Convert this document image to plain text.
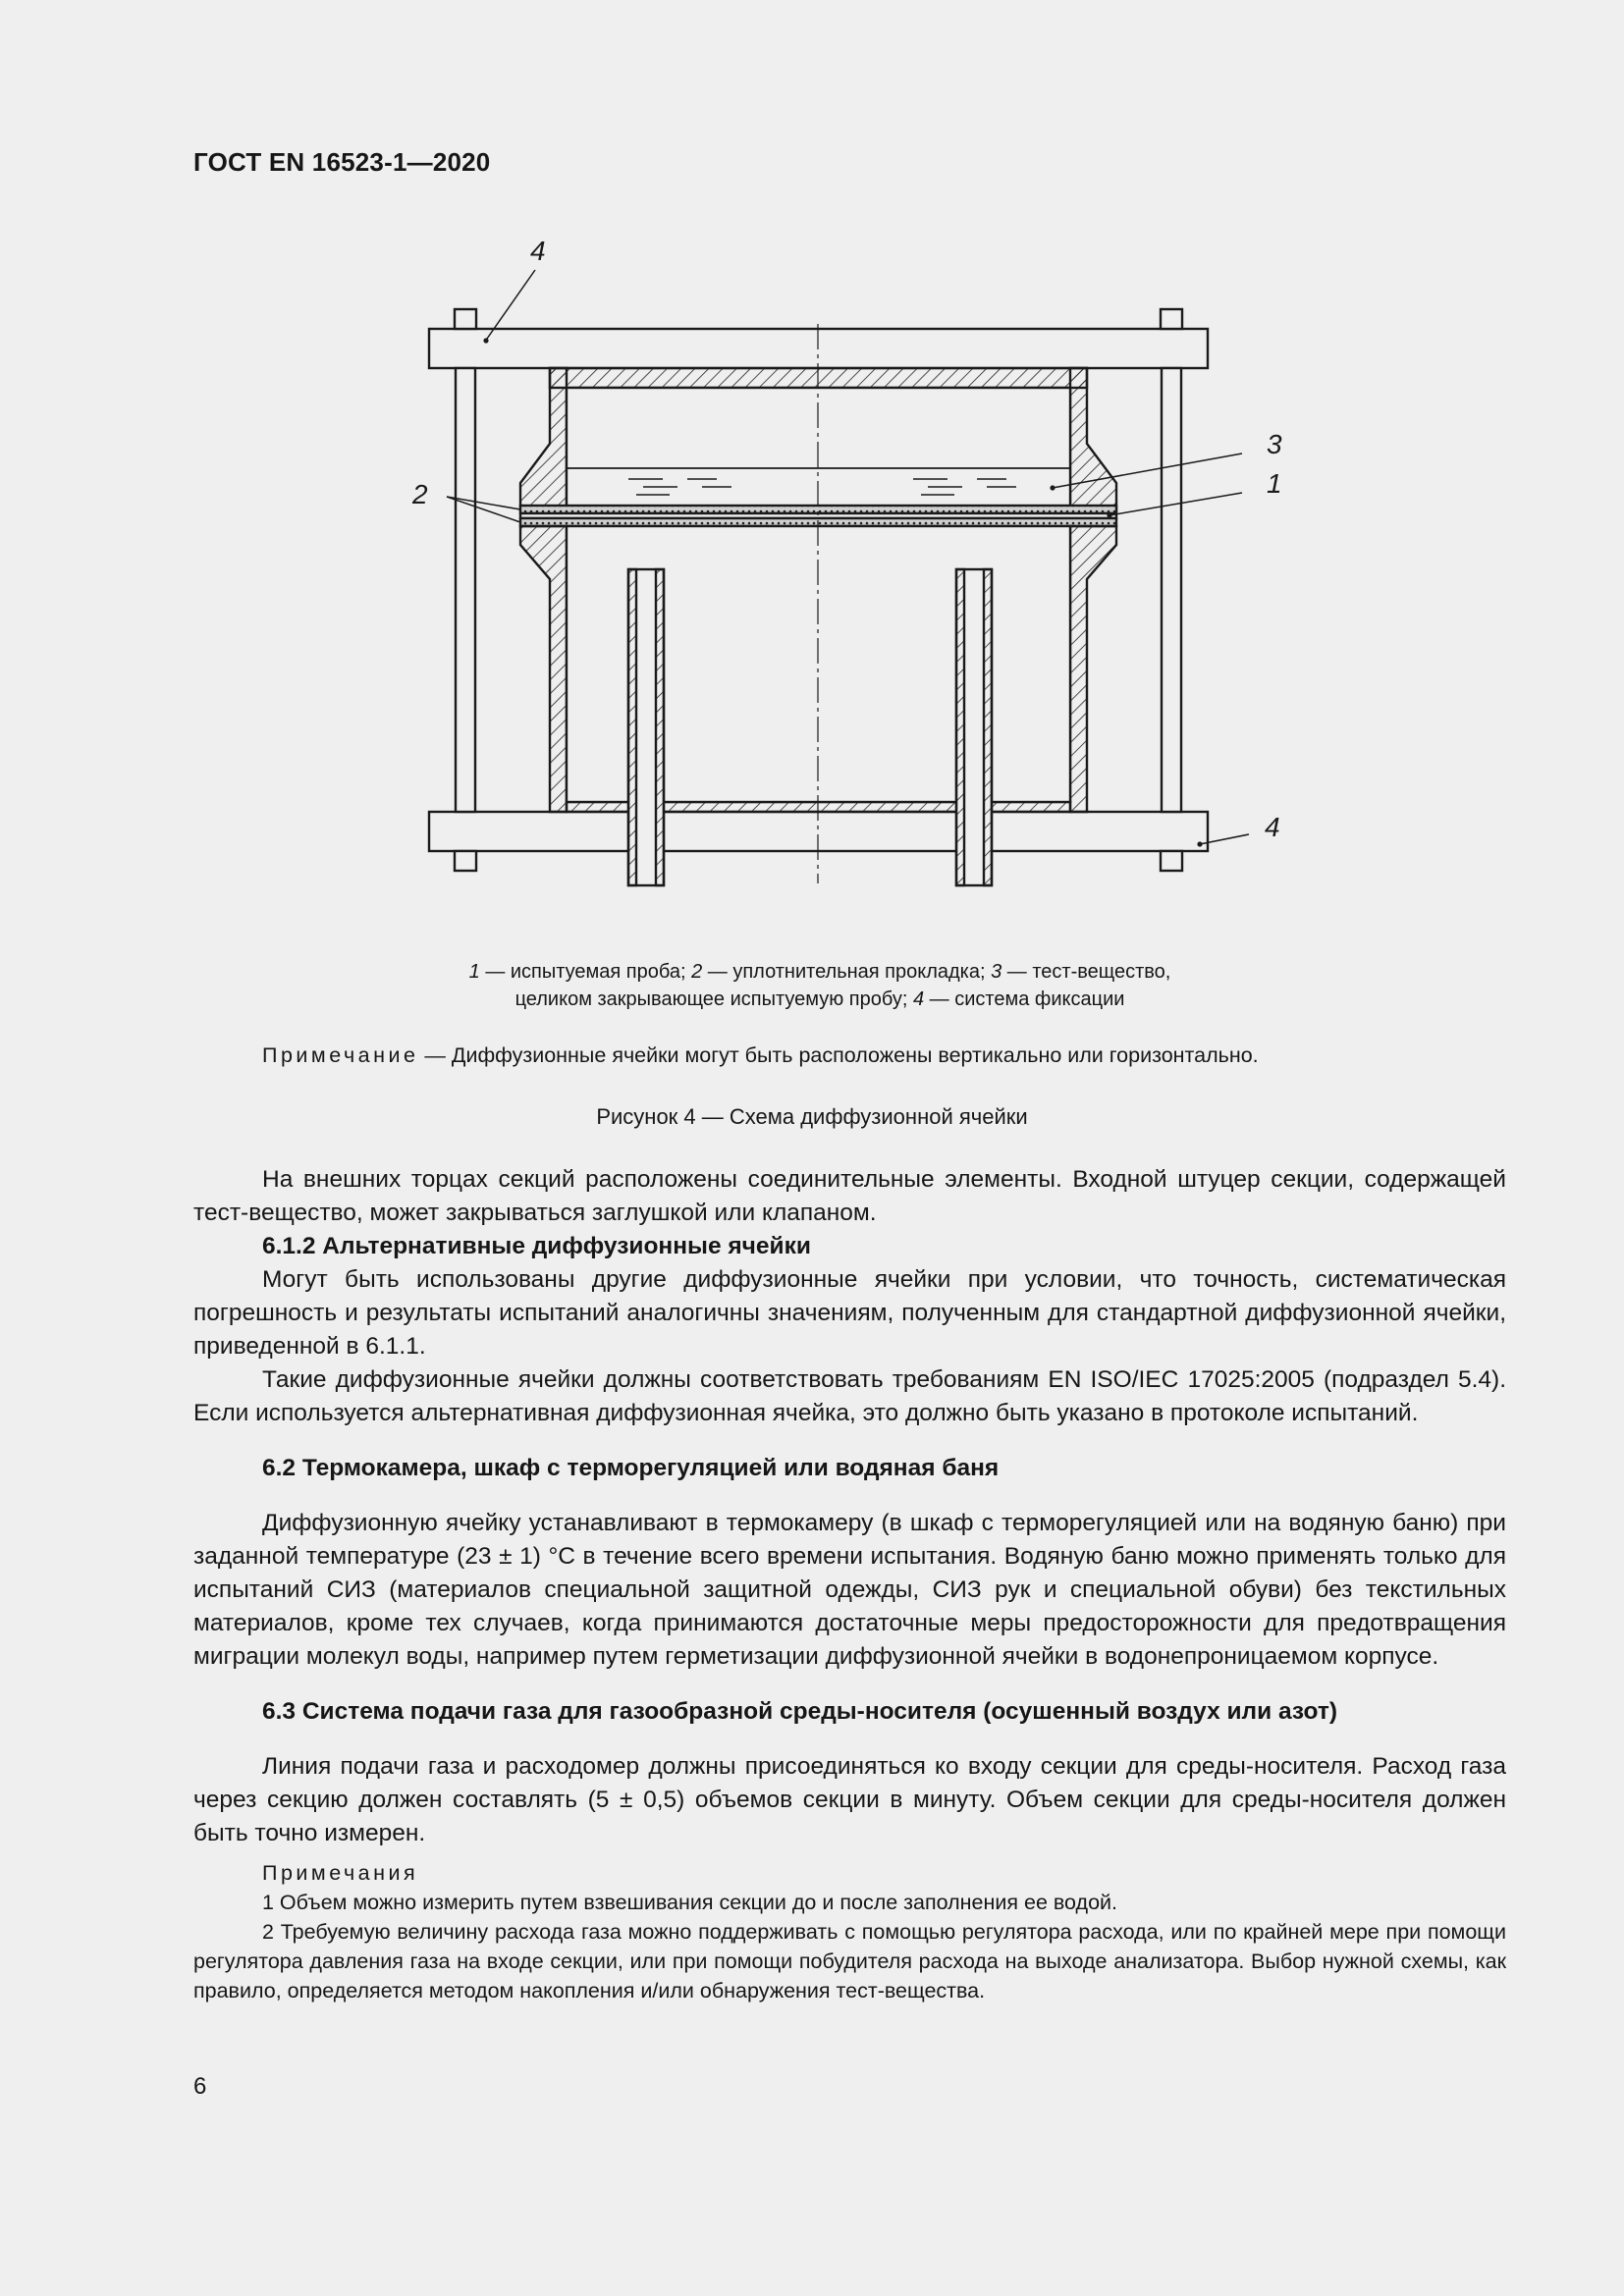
ГОСТ EN 16523-1—2020
4
2
3
1
4
1 — испытуемая проба; 2 — уплотнительная прокладка; 3 — тест-вещество,
целиком закрывающее испытуемую пробу; 4 — система фиксации
Примечание — Диффузионные ячейки могут быть расположены вертикально или горизонтально.
Рисунок 4 — Схема диффузионной ячейки

На внешних торцах секций расположены соединительные элементы. Входной штуцер секции, содержащей тест-вещество, может закрываться заглушкой или клапаном.

6.1.2 Альтернативные диффузионные ячейки

Могут быть использованы другие диффузионные ячейки при условии, что точность, систематическая погрешность и результаты испытаний аналогичны значениям, полученным для стандартной диффузионной ячейки, приведенной в 6.1.1.

Такие диффузионные ячейки должны соответствовать требованиям EN ISO/IEC 17025:2005 (подраздел 5.4). Если используется альтернативная диффузионная ячейка, это должно быть указано в протоколе испытаний.

6.2 Термокамера, шкаф с терморегуляцией или водяная баня

Диффузионную ячейку устанавливают в термокамеру (в шкаф с терморегуляцией или на водяную баню) при заданной температуре (23 ± 1) °С в течение всего времени испытания. Водяную баню можно применять только для испытаний СИЗ (материалов специальной защитной одежды, СИЗ рук и специальной обуви) без текстильных материалов, кроме тех случаев, когда принимаются достаточные меры предосторожности для предотвращения миграции молекул воды, например путем герметизации диффузионной ячейки в водонепроницаемом корпусе.

6.3 Система подачи газа для газообразной среды-носителя (осушенный воздух или азот)

Линия подачи газа и расходомер должны присоединяться ко входу секции для среды-носителя. Расход газа через секцию должен составлять (5 ± 0,5) объемов секции в минуту. Объем секции для среды-носителя должен быть точно измерен.

Примечания

1 Объем можно измерить путем взвешивания секции до и после заполнения ее водой.

2 Требуемую величину расхода газа можно поддерживать с помощью регулятора расхода, или по крайней мере при помощи регулятора давления газа на входе секции, или при помощи побудителя расхода на выходе анализатора. Выбор нужной схемы, как правило, определяется методом накопления и/или обнаружения тест-вещества.

6
